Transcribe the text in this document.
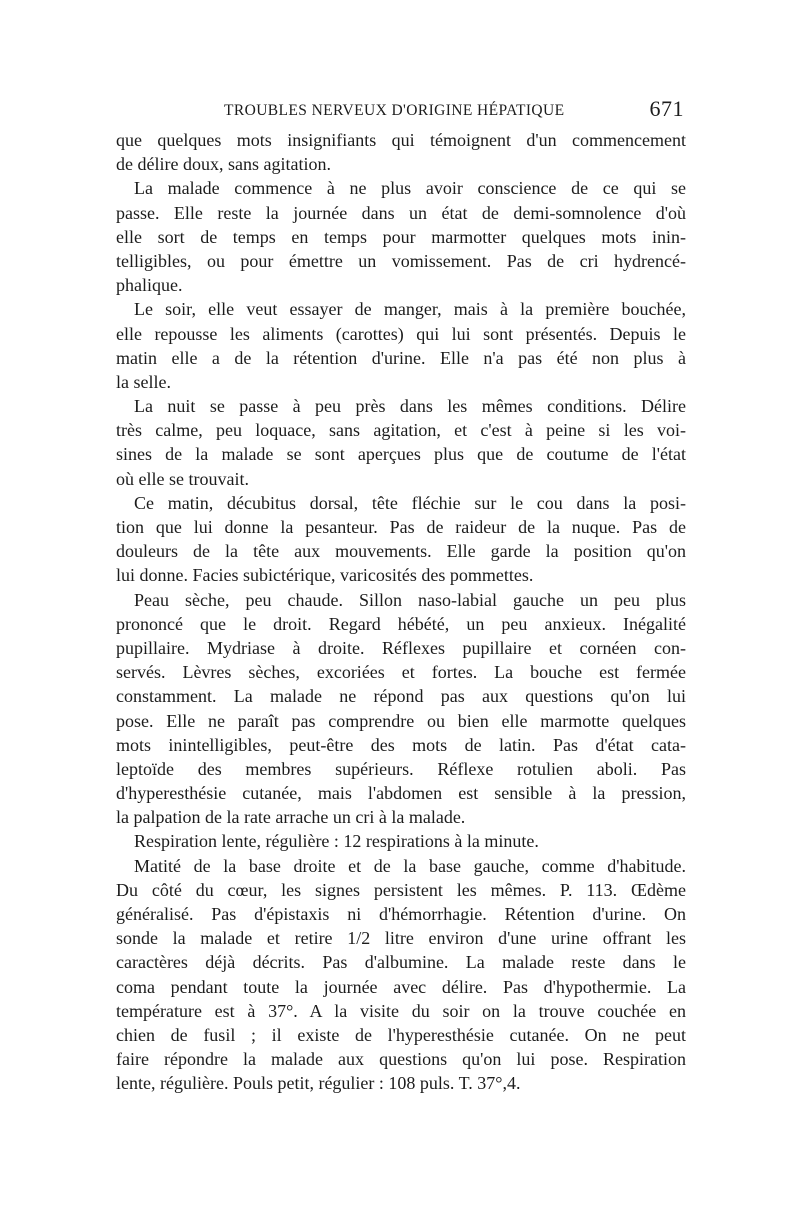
TROUBLES NERVEUX D'ORIGINE HÉPATIQUE	671
que quelques mots insignifiants qui témoignent d'un commencement
de délire doux, sans agitation.
La malade commence à ne plus avoir conscience de ce qui se
passe. Elle reste la journée dans un état de demi-somnolence d'où
elle sort de temps en temps pour marmotter quelques mots inin-
telligibles, ou pour émettre un vomissement. Pas de cri hydrencé-
phalique.
Le soir, elle veut essayer de manger, mais à la première bouchée,
elle repousse les aliments (carottes) qui lui sont présentés. Depuis le
matin elle a de la rétention d'urine. Elle n'a pas été non plus à
la selle.
La nuit se passe à peu près dans les mêmes conditions. Délire
très calme, peu loquace, sans agitation, et c'est à peine si les voi-
sines de la malade se sont aperçues plus que de coutume de l'état
où elle se trouvait.
Ce matin, décubitus dorsal, tête fléchie sur le cou dans la posi-
tion que lui donne la pesanteur. Pas de raideur de la nuque. Pas de
douleurs de la tête aux mouvements. Elle garde la position qu'on
lui donne. Facies subictérique, varicosités des pommettes.
Peau sèche, peu chaude. Sillon naso-labial gauche un peu plus
prononcé que le droit. Regard hébété, un peu anxieux. Inégalité
pupillaire. Mydriase à droite. Réflexes pupillaire et cornéen con-
servés. Lèvres sèches, excoriées et fortes. La bouche est fermée
constamment. La malade ne répond pas aux questions qu'on lui
pose. Elle ne paraît pas comprendre ou bien elle marmotte quelques
mots inintelligibles, peut-être des mots de latin. Pas d'état cata-
leptoïde des membres supérieurs. Réflexe rotulien aboli. Pas
d'hyperesthésie cutanée, mais l'abdomen est sensible à la pression,
la palpation de la rate arrache un cri à la malade.
Respiration lente, régulière : 12 respirations à la minute.
Matité de la base droite et de la base gauche, comme d'habitude.
Du côté du cœur, les signes persistent les mêmes. P. 113. Œdème
généralisé. Pas d'épistaxis ni d'hémorrhagie. Rétention d'urine. On
sonde la malade et retire 1/2 litre environ d'une urine offrant les
caractères déjà décrits. Pas d'albumine. La malade reste dans le
coma pendant toute la journée avec délire. Pas d'hypothermie. La
température est à 37°. A la visite du soir on la trouve couchée en
chien de fusil ; il existe de l'hyperesthésie cutanée. On ne peut
faire répondre la malade aux questions qu'on lui pose. Respiration
lente, régulière. Pouls petit, régulier : 108 puls. T. 37°,4.
